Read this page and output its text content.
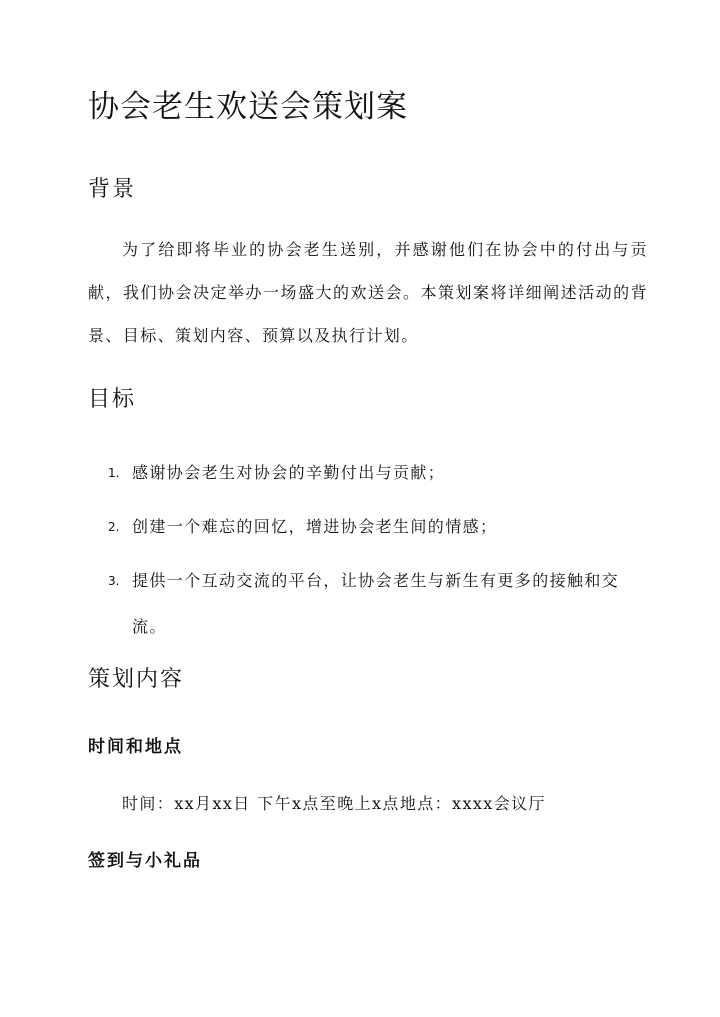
协会老生欢送会策划案
背景

为了给即将毕业的协会老生送别，并感谢他们在协会中的付出与贡献，我们协会决定举办一场盛大的欢送会。本策划案将详细阐述活动的背景、目标、策划内容、预算以及执行计划。

目标
1. 感谢协会老生对协会的辛勤付出与贡献；
2. 创建一个难忘的回忆，增进协会老生间的情感；
3. 提供一个互动交流的平台，让协会老生与新生有更多的接触和交流。
策划内容
时间和地点

时间：xx月xx日 下午x点至晚上x点地点：xxxx会议厅

签到与小礼品
